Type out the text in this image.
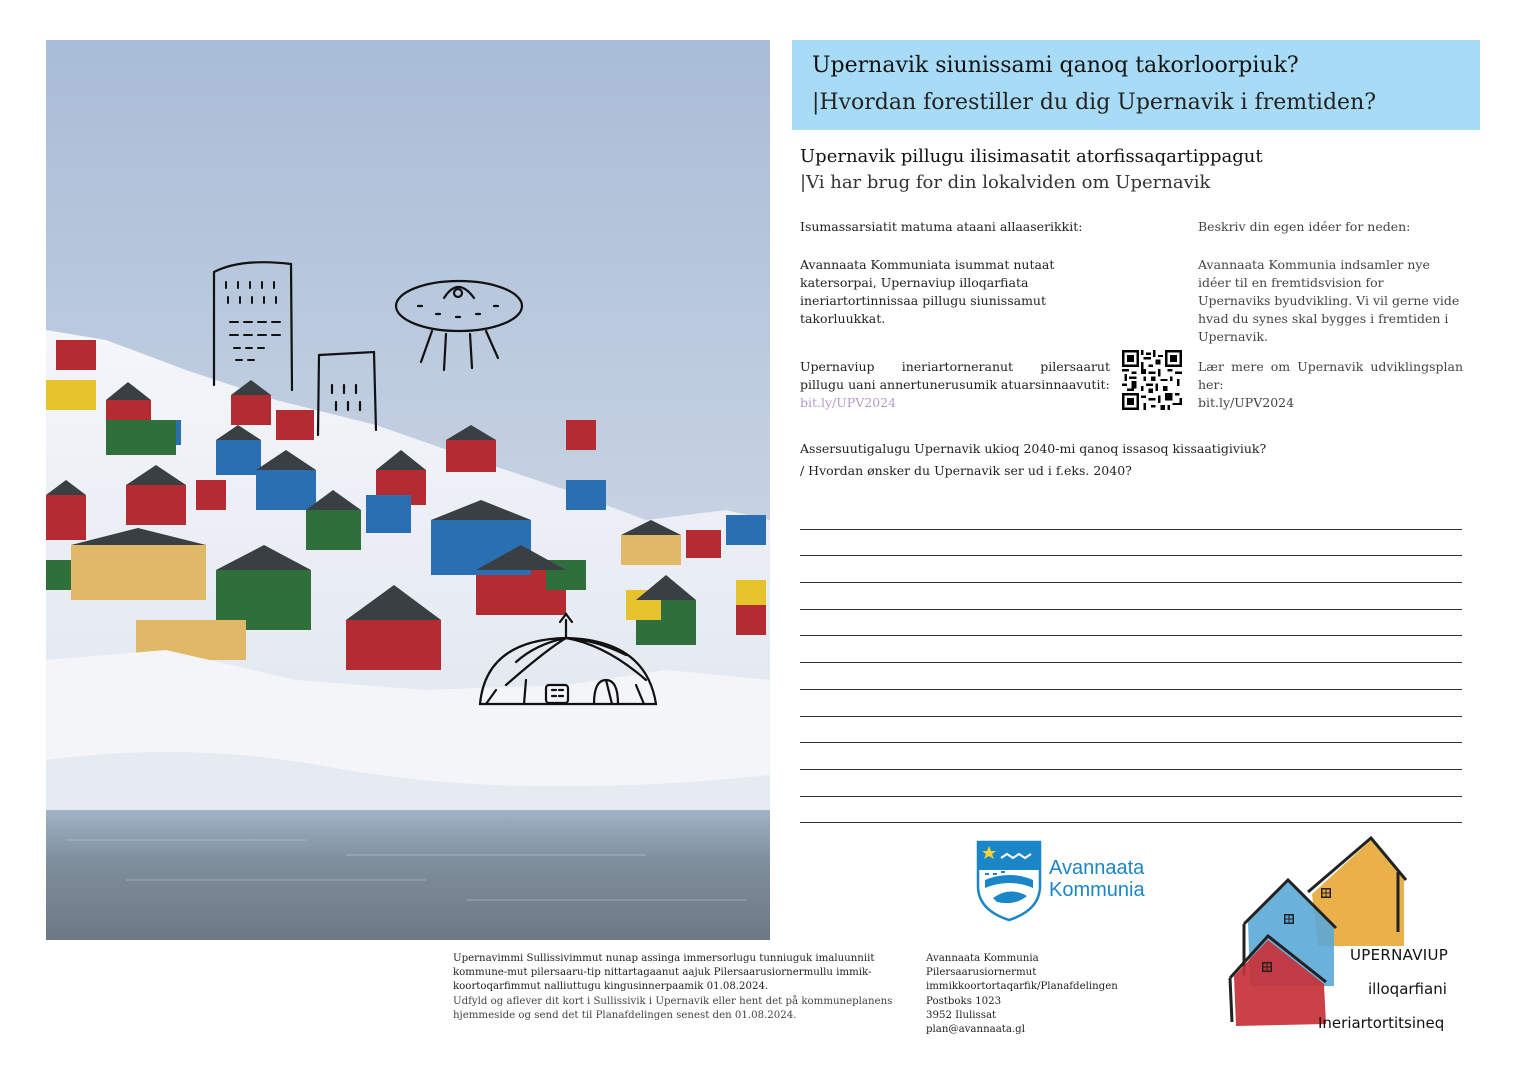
Upernavik siunissami qanoq takorloorpiuk?
|Hvordan forestiller du dig Upernavik i fremtiden?
Upernavik pillugu ilisimasatit atorfissaqartippagut
|Vi har brug for din lokalviden om Upernavik
Isumassarsiatit matuma ataani allaaserikkit:
Avannaata Kommuniata isummat nutaat katersorpai, Upernaviup illoqarfiata ineriartortinnissaa pillugu siunissamut takorluukkat.
Upernaviup ineriartorneranut pilersaarut pillugu uani annertunerusumik atuarsinnaavutit:
bit.ly/UPV2024
Beskriv din egen idéer for neden:
Avannaata Kommunia indsamler nye idéer til en fremtidsvision for Upernaviks byudvikling. Vi vil gerne vide hvad du synes skal bygges i fremtiden i Upernavik.
Lær mere om Upernavik udviklingsplan her:
bit.ly/UPV2024
Assersuutigalugu Upernavik ukioq 2040-mi qanoq issasoq kissaatigiviuk?
/ Hvordan ønsker du Upernavik ser ud i f.eks. 2040?
Avannaata
Kommunia
UPERNAVIUP
illoqarfiani
Ineriartortitsineq
Upernavimmi Sullissivimmut nunap assinga immersorlugu tunniuguk imaluunniit kommune-mut pilersaaru-tip nittartagaanut aajuk Pilersaarusiornermullu immik-koortoqarfimmut nalliuttugu kingusinnerpaamik 01.08.2024.
Udfyld og aflever dit kort i Sullissivik i Upernavik eller hent det på kommuneplanens hjemmeside og send det til Planafdelingen senest den 01.08.2024.
Avannaata Kommunia
Pilersaarusiornermut immikkoortortaqarfik/Planafdelingen
Postboks 1023
3952 Ilulissat
plan@avannaata.gl
